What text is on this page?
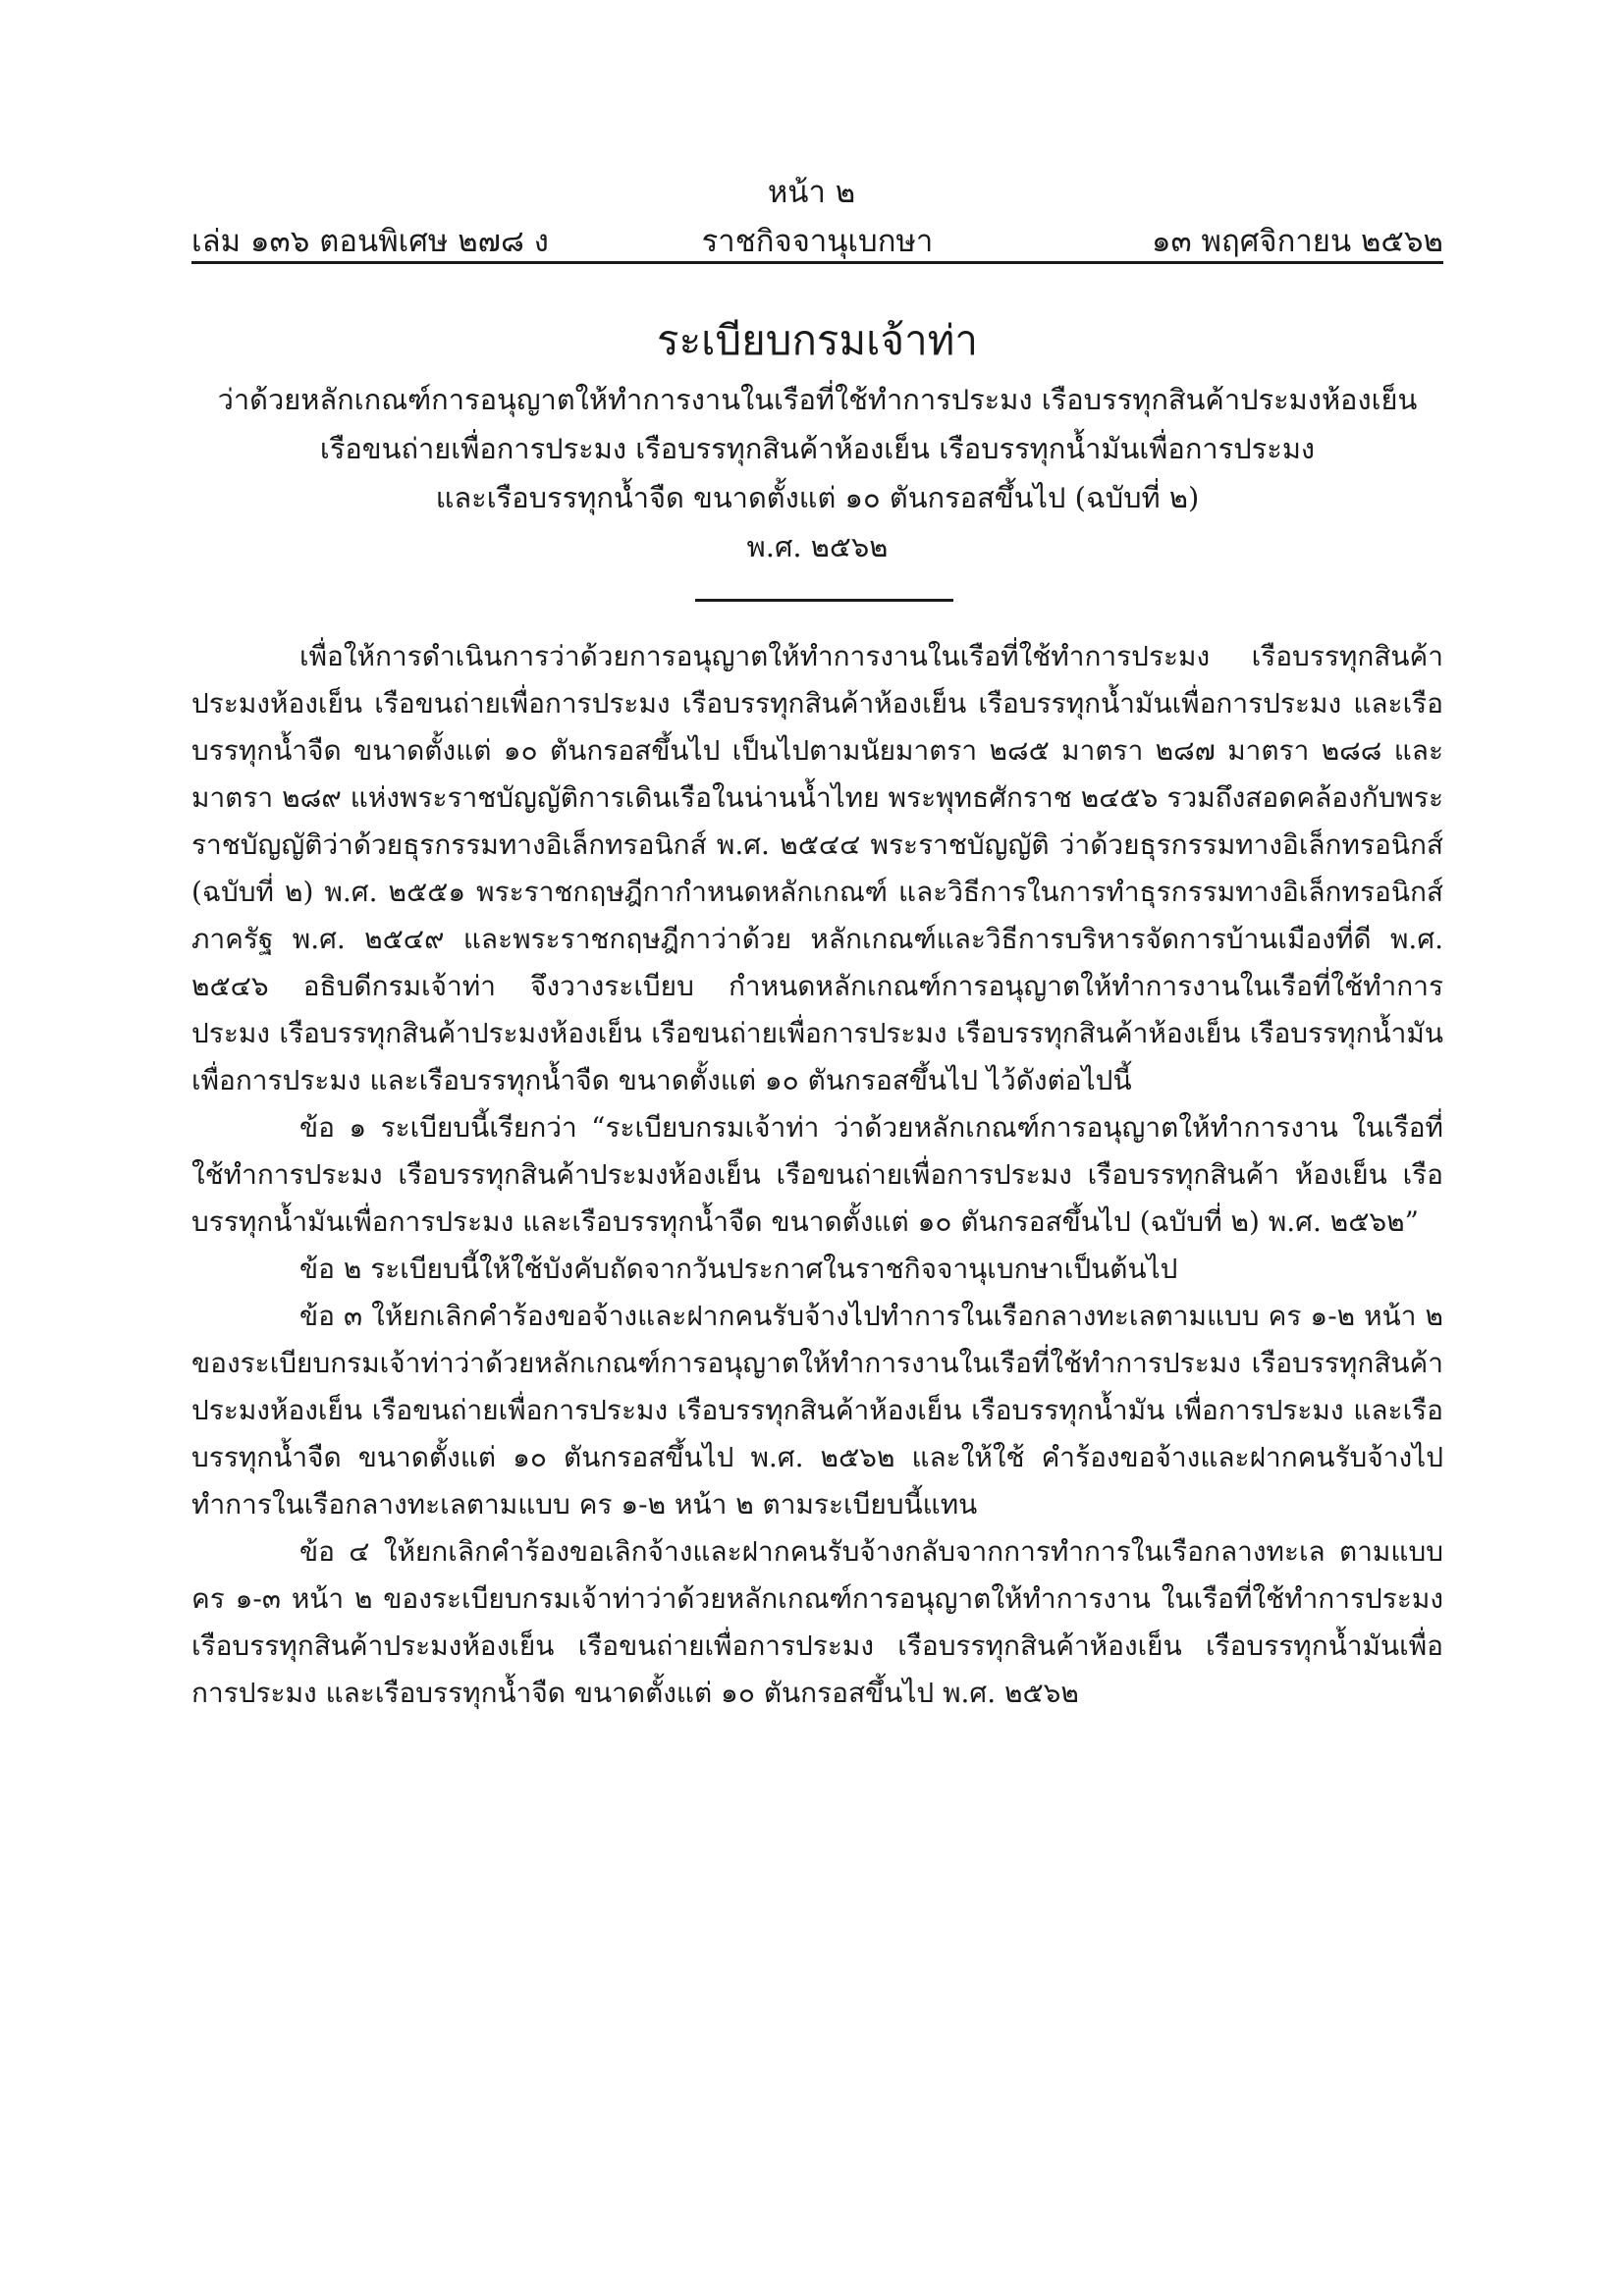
หน้า ๒
เล่ม ๑๓๖ ตอนพิเศษ ๒๗๘ ง	ราชกิจจานุเบกษา	๑๓ พฤศจิกายน ๒๕๖๒

ระเบียบกรมเจ้าท่า

ว่าด้วยหลักเกณฑ์การอนุญาตให้ทำการงานในเรือที่ใช้ทำการประมง เรือบรรทุกสินค้าประมงห้องเย็น

เรือขนถ่ายเพื่อการประมง เรือบรรทุกสินค้าห้องเย็น เรือบรรทุกน้ำมันเพื่อการประมง

และเรือบรรทุกน้ำจืด ขนาดตั้งแต่ ๑๐ ตันกรอสขึ้นไป (ฉบับที่ ๒)

พ.ศ. ๒๕๖๒

เพื่อให้การดำเนินการว่าด้วยการอนุญาตให้ทำการงานในเรือที่ใช้ทำการประมง เรือบรรทุกสินค้าประมงห้องเย็น เรือขนถ่ายเพื่อการประมง เรือบรรทุกสินค้าห้องเย็น เรือบรรทุกน้ำมันเพื่อการประมง และเรือบรรทุกน้ำจืด ขนาดตั้งแต่ ๑๐ ตันกรอสขึ้นไป เป็นไปตามนัยมาตรา ๒๘๕ มาตรา ๒๘๗ มาตรา ๒๘๘ และมาตรา ๒๘๙ แห่งพระราชบัญญัติการเดินเรือในน่านน้ำไทย พระพุทธศักราช ๒๔๕๖ รวมถึงสอดคล้องกับพระราชบัญญัติว่าด้วยธุรกรรมทางอิเล็กทรอนิกส์ พ.ศ. ๒๕๔๔ พระราชบัญญัติ ว่าด้วยธุรกรรมทางอิเล็กทรอนิกส์ (ฉบับที่ ๒) พ.ศ. ๒๕๕๑ พระราชกฤษฎีกากำหนดหลักเกณฑ์ และวิธีการในการทำธุรกรรมทางอิเล็กทรอนิกส์ภาครัฐ พ.ศ. ๒๕๔๙ และพระราชกฤษฎีกาว่าด้วย หลักเกณฑ์และวิธีการบริหารจัดการบ้านเมืองที่ดี พ.ศ. ๒๕๔๖ อธิบดีกรมเจ้าท่า จึงวางระเบียบ กำหนดหลักเกณฑ์การอนุญาตให้ทำการงานในเรือที่ใช้ทำการประมง เรือบรรทุกสินค้าประมงห้องเย็น เรือขนถ่ายเพื่อการประมง เรือบรรทุกสินค้าห้องเย็น เรือบรรทุกน้ำมันเพื่อการประมง และเรือบรรทุกน้ำจืด ขนาดตั้งแต่ ๑๐ ตันกรอสขึ้นไป ไว้ดังต่อไปนี้

ข้อ ๑ ระเบียบนี้เรียกว่า “ระเบียบกรมเจ้าท่า ว่าด้วยหลักเกณฑ์การอนุญาตให้ทำการงาน ในเรือที่ใช้ทำการประมง เรือบรรทุกสินค้าประมงห้องเย็น เรือขนถ่ายเพื่อการประมง เรือบรรทุกสินค้า ห้องเย็น เรือบรรทุกน้ำมันเพื่อการประมง และเรือบรรทุกน้ำจืด ขนาดตั้งแต่ ๑๐ ตันกรอสขึ้นไป (ฉบับที่ ๒) พ.ศ. ๒๕๖๒”

ข้อ ๒ ระเบียบนี้ให้ใช้บังคับถัดจากวันประกาศในราชกิจจานุเบกษาเป็นต้นไป

ข้อ ๓ ให้ยกเลิกคำร้องขอจ้างและฝากคนรับจ้างไปทำการในเรือกลางทะเลตามแบบ คร ๑-๒ หน้า ๒ ของระเบียบกรมเจ้าท่าว่าด้วยหลักเกณฑ์การอนุญาตให้ทำการงานในเรือที่ใช้ทำการประมง เรือบรรทุกสินค้าประมงห้องเย็น เรือขนถ่ายเพื่อการประมง เรือบรรทุกสินค้าห้องเย็น เรือบรรทุกน้ำมัน เพื่อการประมง และเรือบรรทุกน้ำจืด ขนาดตั้งแต่ ๑๐ ตันกรอสขึ้นไป พ.ศ. ๒๕๖๒ และให้ใช้ คำร้องขอจ้างและฝากคนรับจ้างไปทำการในเรือกลางทะเลตามแบบ คร ๑-๒ หน้า ๒ ตามระเบียบนี้แทน

ข้อ ๔ ให้ยกเลิกคำร้องขอเลิกจ้างและฝากคนรับจ้างกลับจากการทำการในเรือกลางทะเล ตามแบบ คร ๑-๓ หน้า ๒ ของระเบียบกรมเจ้าท่าว่าด้วยหลักเกณฑ์การอนุญาตให้ทำการงาน ในเรือที่ใช้ทำการประมง เรือบรรทุกสินค้าประมงห้องเย็น เรือขนถ่ายเพื่อการประมง เรือบรรทุกสินค้าห้องเย็น เรือบรรทุกน้ำมันเพื่อการประมง และเรือบรรทุกน้ำจืด ขนาดตั้งแต่ ๑๐ ตันกรอสขึ้นไป พ.ศ. ๒๕๖๒
